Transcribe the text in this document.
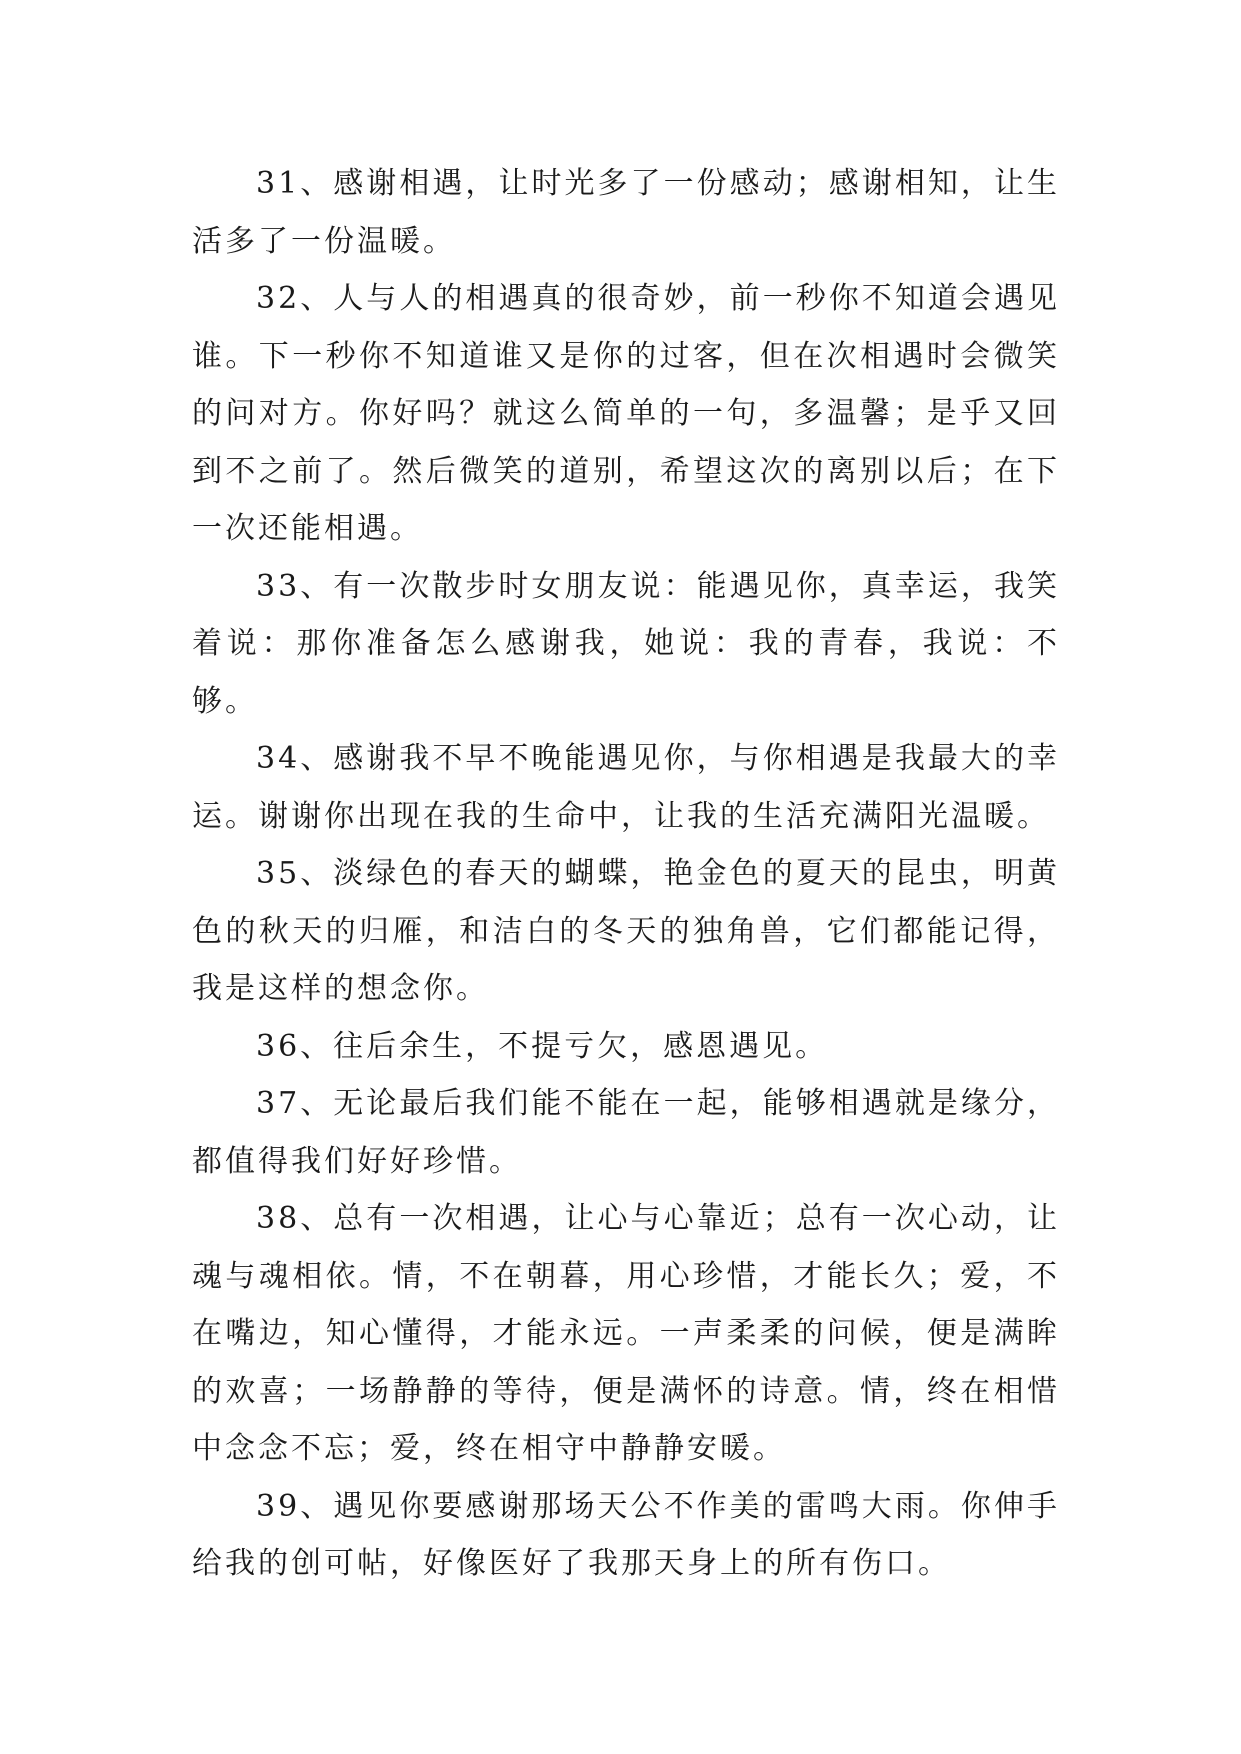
31、感谢相遇，让时光多了一份感动；感谢相知，让生活多了一份温暖。

32、人与人的相遇真的很奇妙，前一秒你不知道会遇见谁。下一秒你不知道谁又是你的过客，但在次相遇时会微笑的问对方。你好吗？就这么简单的一句，多温馨；是乎又回到不之前了。然后微笑的道别，希望这次的离别以后；在下一次还能相遇。

33、有一次散步时女朋友说：能遇见你，真幸运，我笑着说：那你准备怎么感谢我，她说：我的青春，我说：不够。

34、感谢我不早不晚能遇见你，与你相遇是我最大的幸运。谢谢你出现在我的生命中，让我的生活充满阳光温暖。

35、淡绿色的春天的蝴蝶，艳金色的夏天的昆虫，明黄色的秋天的归雁，和洁白的冬天的独角兽，它们都能记得，我是这样的想念你。

36、往后余生，不提亏欠，感恩遇见。

37、无论最后我们能不能在一起，能够相遇就是缘分，都值得我们好好珍惜。

38、总有一次相遇，让心与心靠近；总有一次心动，让魂与魂相依。情，不在朝暮，用心珍惜，才能长久；爱，不在嘴边，知心懂得，才能永远。一声柔柔的问候，便是满眸的欢喜；一场静静的等待，便是满怀的诗意。情，终在相惜中念念不忘；爱，终在相守中静静安暖。

39、遇见你要感谢那场天公不作美的雷鸣大雨。你伸手给我的创可帖，好像医好了我那天身上的所有伤口。
